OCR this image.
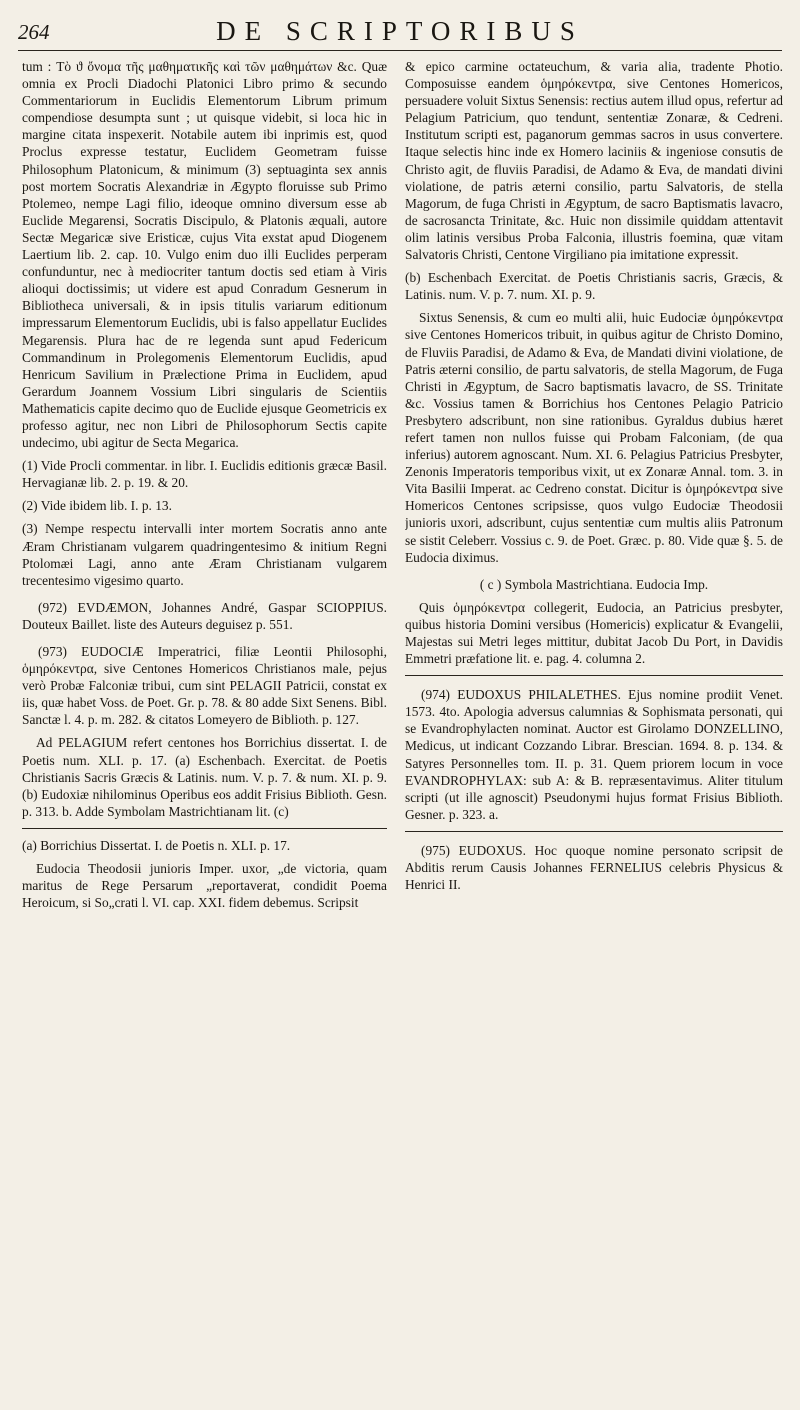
264	DE SCRIPTORIBUS

tum : Τὸ ϑ ὄνομα τῆς μαθηματικῆς καὶ τῶν μαθημάτων &c. Quæ omnia ex Procli Diadochi Platonici Libro primo & secundo Commentariorum in Euclidis Elementorum Librum primum compendiose desumpta sunt ; ut quisque videbit, si loca hic in margine citata inspexerit. Notabile autem ibi inprimis est, quod Proclus expresse testatur, Euclidem Geometram fuisse Philosophum Platonicum, & minimum (3) septuaginta sex annis post mortem Socratis Alexandriæ in Ægypto floruisse sub Primo Ptolemeo, nempe Lagi filio, ideoque omnino diversum esse ab Euclide Megarensi, Socratis Discipulo, & Platonis æquali, autore Sectæ Megaricæ sive Eristicæ, cujus Vita exstat apud Diogenem Laertium lib. 2. cap. 10. Vulgo enim duo illi Euclides perperam confunduntur, nec à mediocriter tantum doctis sed etiam à Viris alioqui doctissimis; ut videre est apud Conradum Gesnerum in Bibliotheca universali, & in ipsis titulis variarum editionum impressarum Elementorum Euclidis, ubi is falso appellatur Euclides Megarensis. Plura hac de re legenda sunt apud Federicum Commandinum in Prolegomenis Elementorum Euclidis, apud Henricum Savilium in Prælectione Prima in Euclidem, apud Gerardum Joannem Vossium Libri singularis de Scientiis Mathematicis capite decimo quo de Euclide ejusque Geometricis ex professo agitur, nec non Libri de Philosophorum Sectis capite undecimo, ubi agitur de Secta Megarica.

(1) Vide Procli commentar. in libr. I. Euclidis editionis græcæ Basil. Hervagianæ lib. 2. p. 19. & 20.

(2) Vide ibidem lib. I. p. 13.

(3) Nempe respectu intervalli inter mortem Socratis anno ante Æram Christianam vulgarem quadringentesimo & initium Regni Ptolomæi Lagi, anno ante Æram Christianam vulgarem trecentesimo vigesimo quarto.

(972) EVDÆMON, Johannes André, Gaspar SCIOPPIUS. Douteux Baillet. liste des Auteurs deguisez p. 551.

(973) EUDOCIÆ Imperatrici, filiæ Leontii Philosophi, ὁμηρόκεντρα, sive Centones Homericos Christianos male, pejus verò Probæ Falconiæ tribui, cum sint PELAGII Patricii, constat ex iis, quæ habet Voss. de Poet. Gr. p. 78. & 80 adde Sixt Senens. Bibl. Sanctæ l. 4. p. m. 282. & citatos Lomeyero de Biblioth. p. 127.

Ad PELAGIUM refert centones hos Borrichius dissertat. I. de Poetis num. XLI. p. 17. (a) Eschenbach. Exercitat. de Poetis Christianis Sacris Græcis & Latinis. num. V. p. 7. & num. XI. p. 9. (b) Eudoxiæ nihilominus Operibus eos addit Frisius Biblioth. Gesn. p. 313. b. Adde Symbolam Mastrichtianam lit. (c)

(a) Borrichius Dissertat. I. de Poetis n. XLI. p. 17.

Eudocia Theodosii junioris Imper. uxor, „de victoria, quam maritus de Rege Persarum „reportaverat, condidit Poema Heroicum, si So„crati l. VI. cap. XXI. fidem debemus. Scripsit

& epico carmine octateuchum, & varia alia, tradente Photio. Composuisse eandem ὁμηρόκεντρα, sive Centones Homericos, persuadere voluit Sixtus Senensis: rectius autem illud opus, refertur ad Pelagium Patricium, quo tendunt, sententiæ Zonaræ, & Cedreni. Institutum scripti est, paganorum gemmas sacros in usus convertere. Itaque selectis hinc inde ex Homero laciniis & ingeniose consutis de Christo agit, de fluviis Paradisi, de Adamo & Eva, de mandati divini violatione, de patris æterni consilio, partu Salvatoris, de stella Magorum, de fuga Christi in Ægyptum, de sacro Baptismatis lavacro, de sacrosancta Trinitate, &c. Huic non dissimile quiddam attentavit olim latinis versibus Proba Falconia, illustris foemina, quæ vitam Salvatoris Christi, Centone Virgiliano pia imitatione expressit.

(b) Eschenbach Exercitat. de Poetis Christianis sacris, Græcis, & Latinis. num. V. p. 7. num. XI. p. 9.

Sixtus Senensis, & cum eo multi alii, huic Eudociæ ὁμηρόκεντρα sive Centones Homericos tribuit, in quibus agitur de Christo Domino, de Fluviis Paradisi, de Adamo & Eva, de Mandati divini violatione, de Patris æterni consilio, de partu salvatoris, de stella Magorum, de Fuga Christi in Ægyptum, de Sacro baptismatis lavacro, de SS. Trinitate &c. Vossius tamen & Borrichius hos Centones Pelagio Patricio Presbytero adscribunt, non sine rationibus. Gyraldus dubius hæret refert tamen non nullos fuisse qui Probam Falconiam, (de qua inferius) autorem agnoscant. Num. XI. 6. Pelagius Patricius Presbyter, Zenonis Imperatoris temporibus vixit, ut ex Zonaræ Annal. tom. 3. in Vita Basilii Imperat. ac Cedreno constat. Dicitur is ὁμηρόκεντρα sive Homericos Centones scripsisse, quos vulgo Eudociæ Theodosii junioris uxori, adscribunt, cujus sententiæ cum multis aliis Patronum se sistit Celeberr. Vossius c. 9. de Poet. Græc. p. 80. Vide quæ §. 5. de Eudocia diximus.

( c ) Symbola Mastrichtiana. Eudocia Imp.

Quis ὁμηρόκεντρα collegerit, Eudocia, an Patricius presbyter, quibus historia Domini versibus (Homericis) explicatur & Evangelii, Majestas sui Metri leges mittitur, dubitat Jacob Du Port, in Davidis Emmetri præfatione lit. e. pag. 4. columna 2.

(974) EUDOXUS PHILALETHES. Ejus nomine prodiit Venet. 1573. 4to. Apologia adversus calumnias & Sophismata personati, qui se Evandrophylacten nominat. Auctor est Girolamo DONZELLINO, Medicus, ut indicant Cozzando Librar. Brescian. 1694. 8. p. 134. & Satyres Personnelles tom. II. p. 31. Quem priorem locum in voce EVANDROPHYLAX: sub A: & B. repræsentavimus. Aliter titulum scripti (ut ille agnoscit) Pseudonymi hujus format Frisius Biblioth. Gesner. p. 323. a.

(975) EUDOXUS. Hoc quoque nomine personato scripsit de Abditis rerum Causis Johannes FERNELIUS celebris Physicus & Henrici II.
